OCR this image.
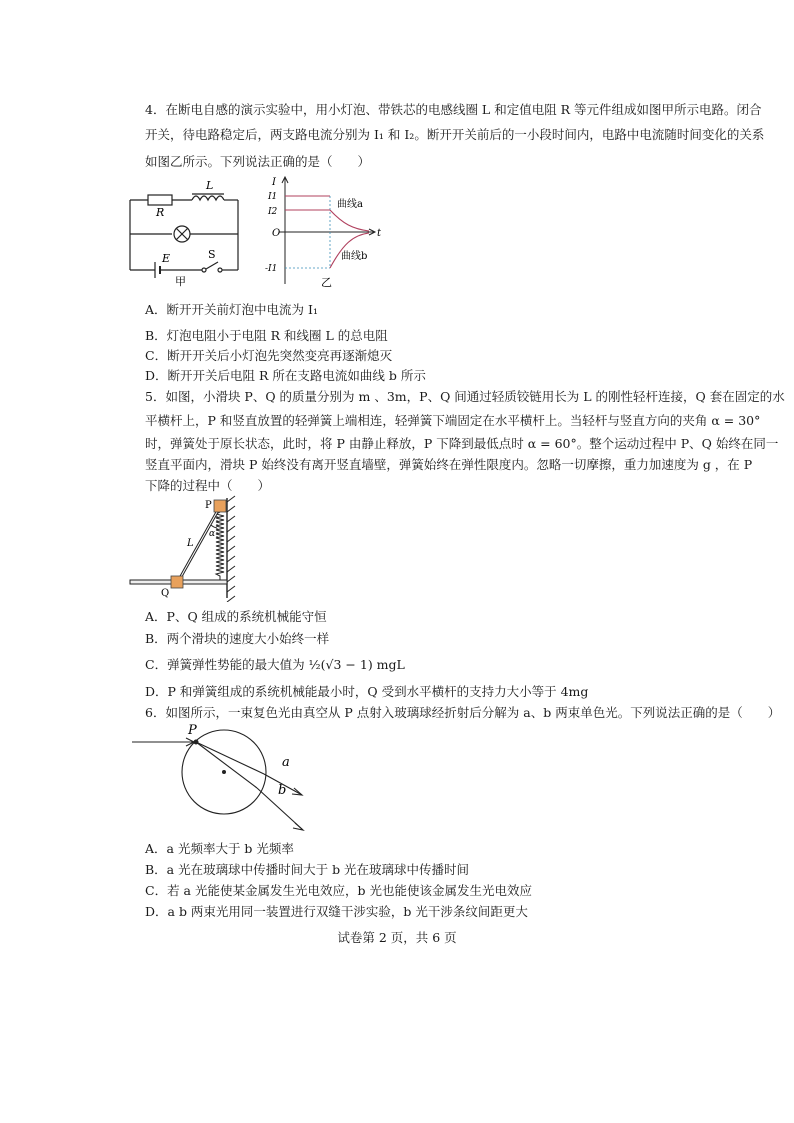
4．在断电自感的演示实验中，用小灯泡、带铁芯的电感线圈 L 和定值电阻 R 等元件组成如图甲所示电路。闭合
开关，待电路稳定后，两支路电流分别为 I₁ 和 I₂。断开开关前后的一小段时间内，电路中电流随时间变化的关系
如图乙所示。下列说法正确的是（　　）
R
L
E	S
甲
I
I1
I2
O	t
-I1
曲线a
曲线b
乙
A．断开开关前灯泡中电流为 I₁
B．灯泡电阻小于电阻 R 和线圈 L 的总电阻
C．断开开关后小灯泡先突然变亮再逐渐熄灭
D．断开开关后电阻 R 所在支路电流如曲线 b 所示
5．如图，小滑块 P、Q 的质量分别为 m 、3m，P、Q 间通过轻质铰链用长为 L 的刚性轻杆连接，Q 套在固定的水
平横杆上，P 和竖直放置的轻弹簧上端相连，轻弹簧下端固定在水平横杆上。当轻杆与竖直方向的夹角 α = 30°
时，弹簧处于原长状态，此时，将 P 由静止释放，P 下降到最低点时 α = 60°。整个运动过程中 P、Q 始终在同一
竖直平面内，滑块 P 始终没有离开竖直墙壁，弹簧始终在弹性限度内。忽略一切摩擦，重力加速度为 g ，在 P
下降的过程中（　　）
P
Q
L
α
A．P、Q 组成的系统机械能守恒
B．两个滑块的速度大小始终一样
C．弹簧弹性势能的最大值为 ½(√3 − 1) mgL
D．P 和弹簧组成的系统机械能最小时，Q 受到水平横杆的支持力大小等于 4mg
6．如图所示，一束复色光由真空从 P 点射入玻璃球经折射后分解为 a、b 两束单色光。下列说法正确的是（　　）
P
a
b
A．a 光频率大于 b 光频率
B．a 光在玻璃球中传播时间大于 b 光在玻璃球中传播时间
C．若 a 光能使某金属发生光电效应，b 光也能使该金属发生光电效应
D．a b 两束光用同一装置进行双缝干涉实验，b 光干涉条纹间距更大
试卷第 2 页，共 6 页
